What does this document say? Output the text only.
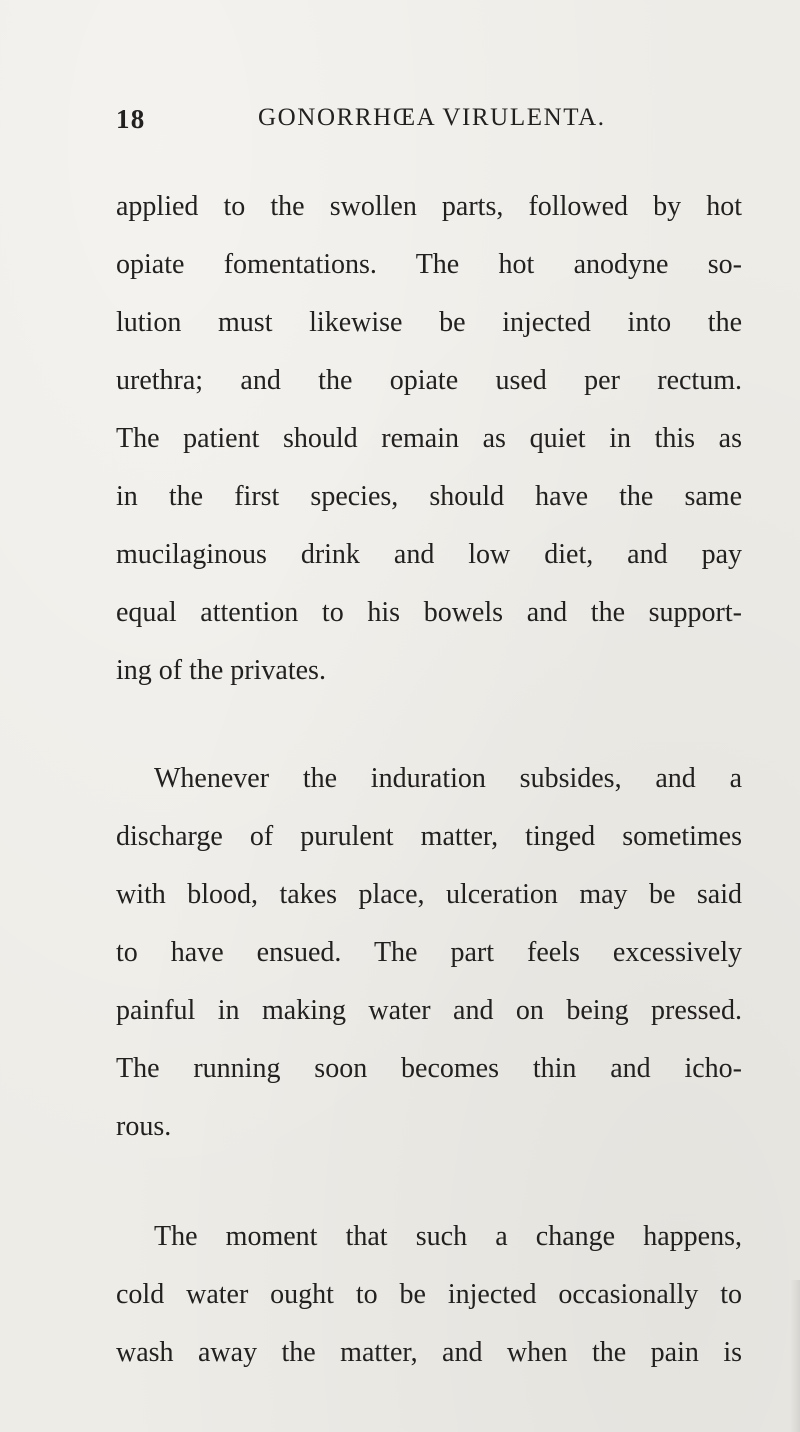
18	GONORRHŒA VIRULENTA.
applied to the swollen parts, followed by hot
opiate fomentations. The hot anodyne so-
lution must likewise be injected into the
urethra; and the opiate used per rectum.
The patient should remain as quiet in this as
in the first species, should have the same
mucilaginous drink and low diet, and pay
equal attention to his bowels and the support-
ing of the privates.
Whenever the induration subsides, and a
discharge of purulent matter, tinged sometimes
with blood, takes place, ulceration may be said
to have ensued. The part feels excessively
painful in making water and on being pressed.
The running soon becomes thin and icho-
rous.
The moment that such a change happens,
cold water ought to be injected occasionally to
wash away the matter, and when the pain is
